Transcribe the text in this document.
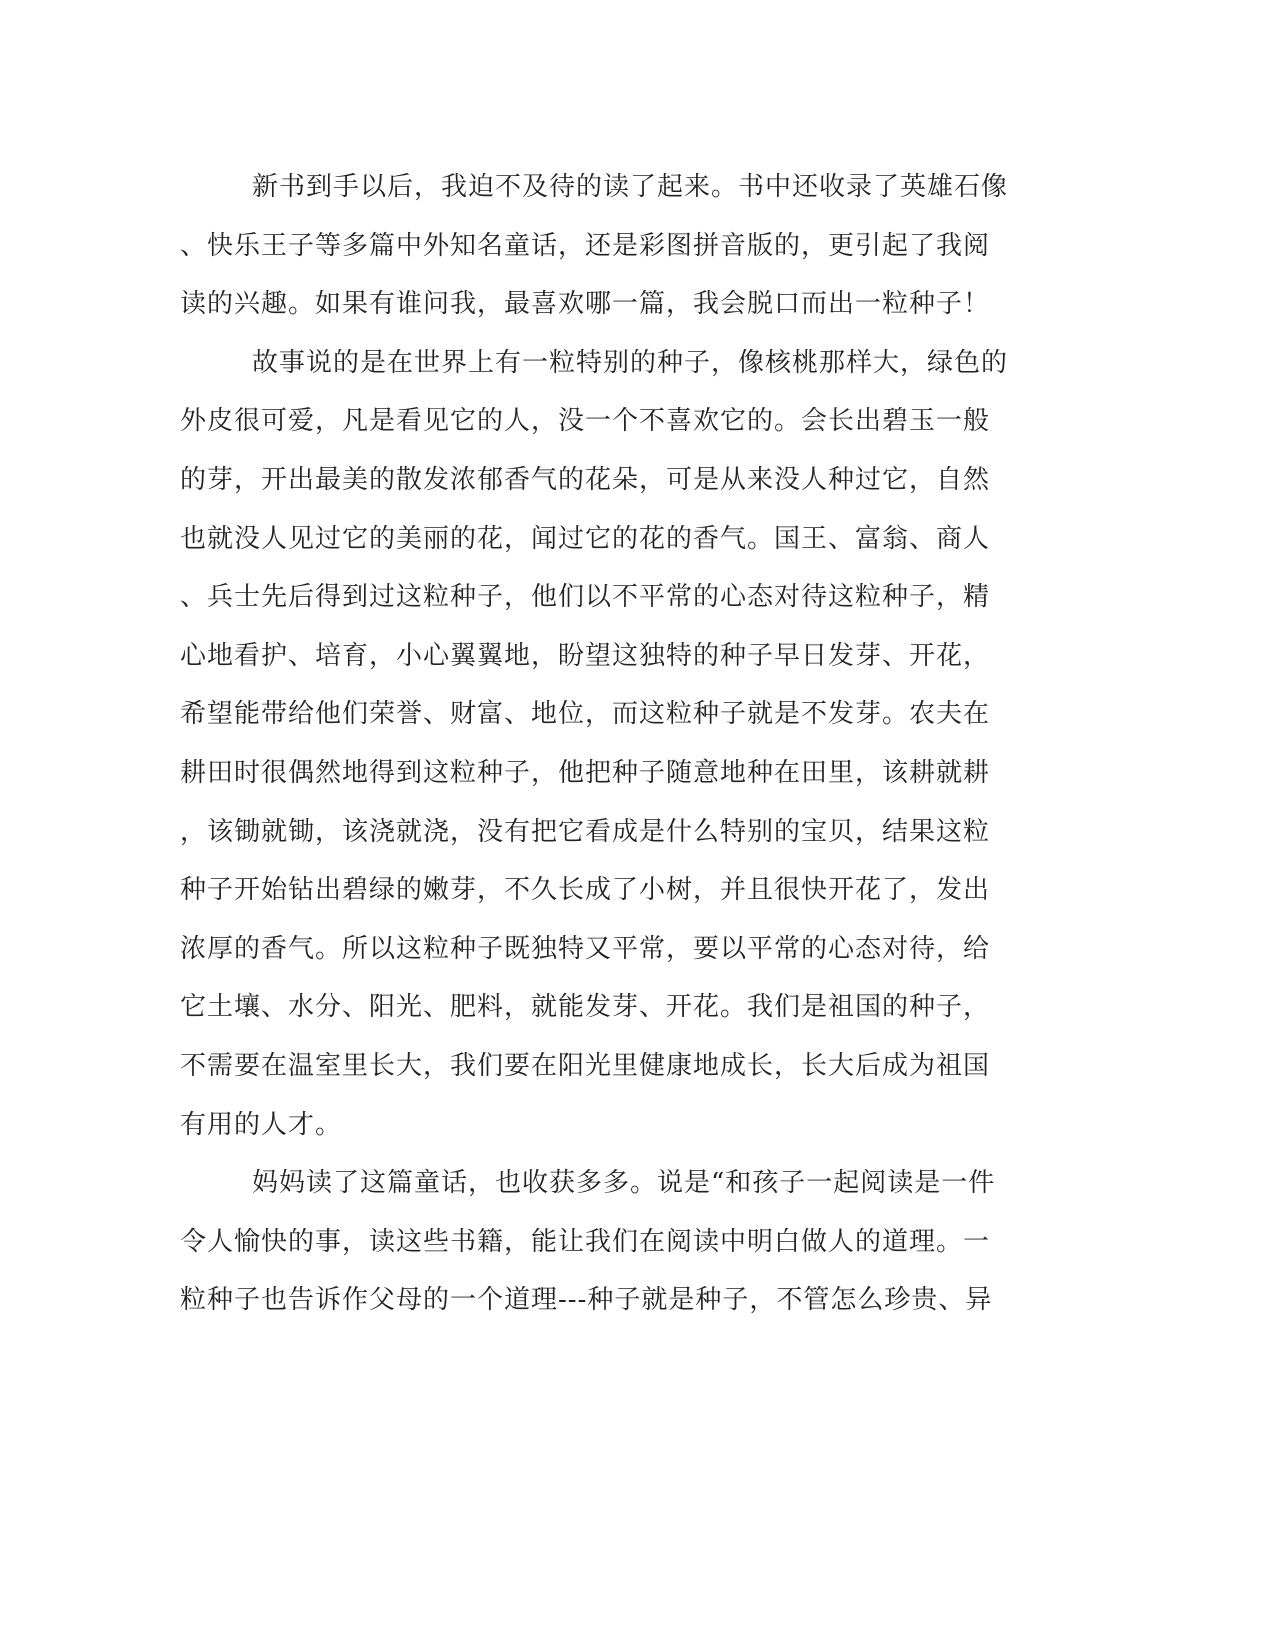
新书到手以后，我迫不及待的读了起来。书中还收录了英雄石像
、快乐王子等多篇中外知名童话，还是彩图拼音版的，更引起了我阅
读的兴趣。如果有谁问我，最喜欢哪一篇，我会脱口而出一粒种子！
故事说的是在世界上有一粒特别的种子，像核桃那样大，绿色的
外皮很可爱，凡是看见它的人，没一个不喜欢它的。会长出碧玉一般
的芽，开出最美的散发浓郁香气的花朵，可是从来没人种过它，自然
也就没人见过它的美丽的花，闻过它的花的香气。国王、富翁、商人
、兵士先后得到过这粒种子，他们以不平常的心态对待这粒种子，精
心地看护、培育，小心翼翼地，盼望这独特的种子早日发芽、开花，
希望能带给他们荣誉、财富、地位，而这粒种子就是不发芽。农夫在
耕田时很偶然地得到这粒种子，他把种子随意地种在田里，该耕就耕
，该锄就锄，该浇就浇，没有把它看成是什么特别的宝贝，结果这粒
种子开始钻出碧绿的嫩芽，不久长成了小树，并且很快开花了，发出
浓厚的香气。所以这粒种子既独特又平常，要以平常的心态对待，给
它土壤、水分、阳光、肥料，就能发芽、开花。我们是祖国的种子，
不需要在温室里长大，我们要在阳光里健康地成长，长大后成为祖国
有用的人才。
妈妈读了这篇童话，也收获多多。说是“和孩子一起阅读是一件
令人愉快的事，读这些书籍，能让我们在阅读中明白做人的道理。一
粒种子也告诉作父母的一个道理---种子就是种子，不管怎么珍贵、异
